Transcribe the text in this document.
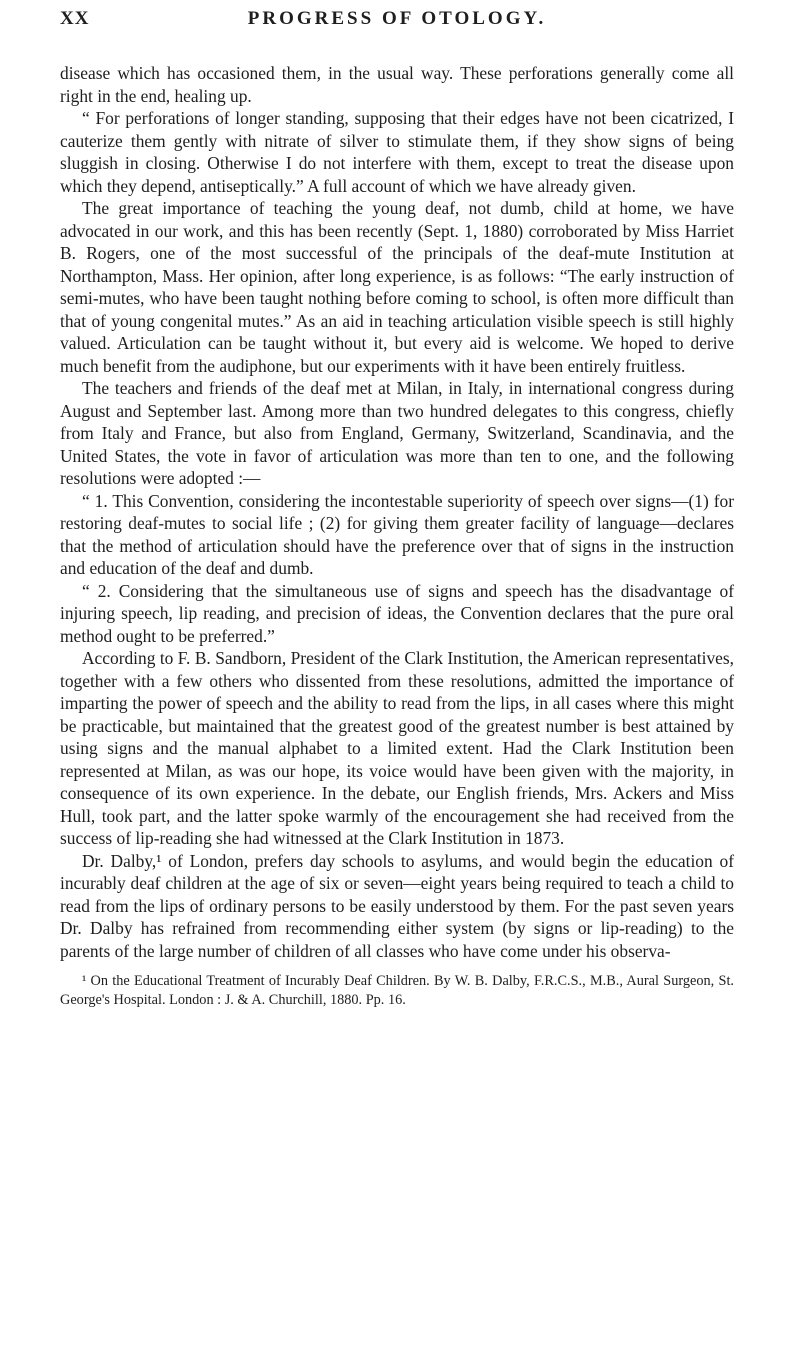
XX	PROGRESS OF OTOLOGY.

disease which has occasioned them, in the usual way. These perforations generally come all right in the end, healing up.

“ For perforations of longer standing, supposing that their edges have not been cicatrized, I cauterize them gently with nitrate of silver to stimulate them, if they show signs of being sluggish in closing. Otherwise I do not interfere with them, except to treat the disease upon which they depend, antiseptically.” A full account of which we have already given.

The great importance of teaching the young deaf, not dumb, child at home, we have advocated in our work, and this has been recently (Sept. 1, 1880) corroborated by Miss Harriet B. Rogers, one of the most successful of the principals of the deaf-mute Institution at Northampton, Mass. Her opinion, after long experience, is as follows: “The early instruction of semi-mutes, who have been taught nothing before coming to school, is often more difficult than that of young congenital mutes.” As an aid in teaching articulation visible speech is still highly valued. Articulation can be taught without it, but every aid is welcome. We hoped to derive much benefit from the audiphone, but our experiments with it have been entirely fruitless.

The teachers and friends of the deaf met at Milan, in Italy, in international congress during August and September last. Among more than two hundred delegates to this congress, chiefly from Italy and France, but also from England, Germany, Switzerland, Scandinavia, and the United States, the vote in favor of articulation was more than ten to one, and the following resolutions were adopted :—

“ 1. This Convention, considering the incontestable superiority of speech over signs—(1) for restoring deaf-mutes to social life ; (2) for giving them greater facility of language—declares that the method of articulation should have the preference over that of signs in the instruction and education of the deaf and dumb.

“ 2. Considering that the simultaneous use of signs and speech has the disadvantage of injuring speech, lip reading, and precision of ideas, the Convention declares that the pure oral method ought to be preferred.”

According to F. B. Sandborn, President of the Clark Institution, the American representatives, together with a few others who dissented from these resolutions, admitted the importance of imparting the power of speech and the ability to read from the lips, in all cases where this might be practicable, but maintained that the greatest good of the greatest number is best attained by using signs and the manual alphabet to a limited extent. Had the Clark Institution been represented at Milan, as was our hope, its voice would have been given with the majority, in consequence of its own experience. In the debate, our English friends, Mrs. Ackers and Miss Hull, took part, and the latter spoke warmly of the encouragement she had received from the success of lip-reading she had witnessed at the Clark Institution in 1873.

Dr. Dalby,¹ of London, prefers day schools to asylums, and would begin the education of incurably deaf children at the age of six or seven—eight years being required to teach a child to read from the lips of ordinary persons to be easily understood by them. For the past seven years Dr. Dalby has refrained from recommending either system (by signs or lip-reading) to the parents of the large number of children of all classes who have come under his observa-

¹ On the Educational Treatment of Incurably Deaf Children. By W. B. Dalby, F.R.C.S., M.B., Aural Surgeon, St. George's Hospital. London : J. & A. Churchill, 1880. Pp. 16.
